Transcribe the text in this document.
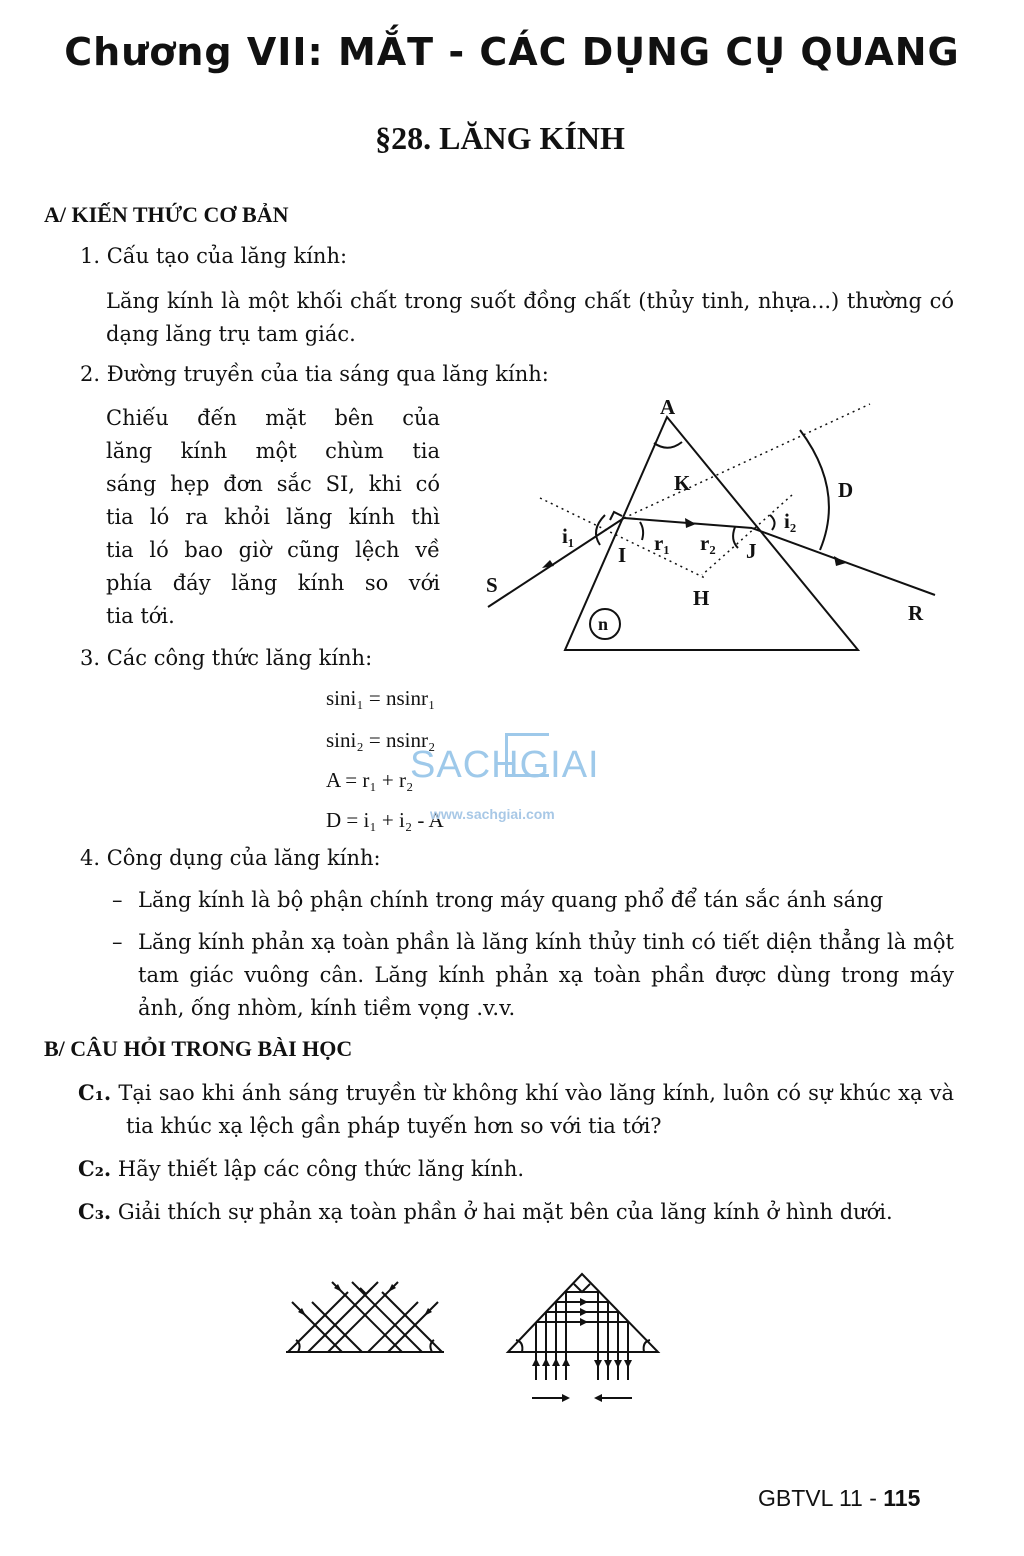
Chương VII: MẮT - CÁC DỤNG CỤ QUANG
§28. LĂNG KÍNH
A/ KIẾN THỨC CƠ BẢN
1. Cấu tạo của lăng kính:
Lăng kính là một khối chất trong suốt đồng chất (thủy tinh, nhựa...) thường có dạng lăng trụ tam giác.
2. Đường truyền của tia sáng qua lăng kính:
Chiếu đến mặt bên của
lăng kính một chùm tia
sáng hẹp đơn sắc SI, khi có
tia ló ra khỏi lăng kính thì
tia ló bao giờ cũng lệch về
phía đáy lăng kính so với
tia tới.
A
K	D
i₁
i₂
I r₁ r₂ J
S
H
R
n
3. Các công thức lăng kính:
sini₁ = nsinr₁
sini₂ = nsinr₂
A = r₁ + r₂
D = i₁ + i₂ - A
SACHGIAI
www.sachgiai.com
4. Công dụng của lăng kính:
– Lăng kính là bộ phận chính trong máy quang phổ để tán sắc ánh sáng
– Lăng kính phản xạ toàn phần là lăng kính thủy tinh có tiết diện thẳng là một tam giác vuông cân. Lăng kính phản xạ toàn phần được dùng trong máy ảnh, ống nhòm, kính tiềm vọng .v.v.
B/ CÂU HỎI TRONG BÀI HỌC
C₁. Tại sao khi ánh sáng truyền từ không khí vào lăng kính, luôn có sự khúc xạ và tia khúc xạ lệch gần pháp tuyến hơn so với tia tới?
C₂. Hãy thiết lập các công thức lăng kính.
C₃. Giải thích sự phản xạ toàn phần ở hai mặt bên của lăng kính ở hình dưới.
GBTVL 11 - 115
